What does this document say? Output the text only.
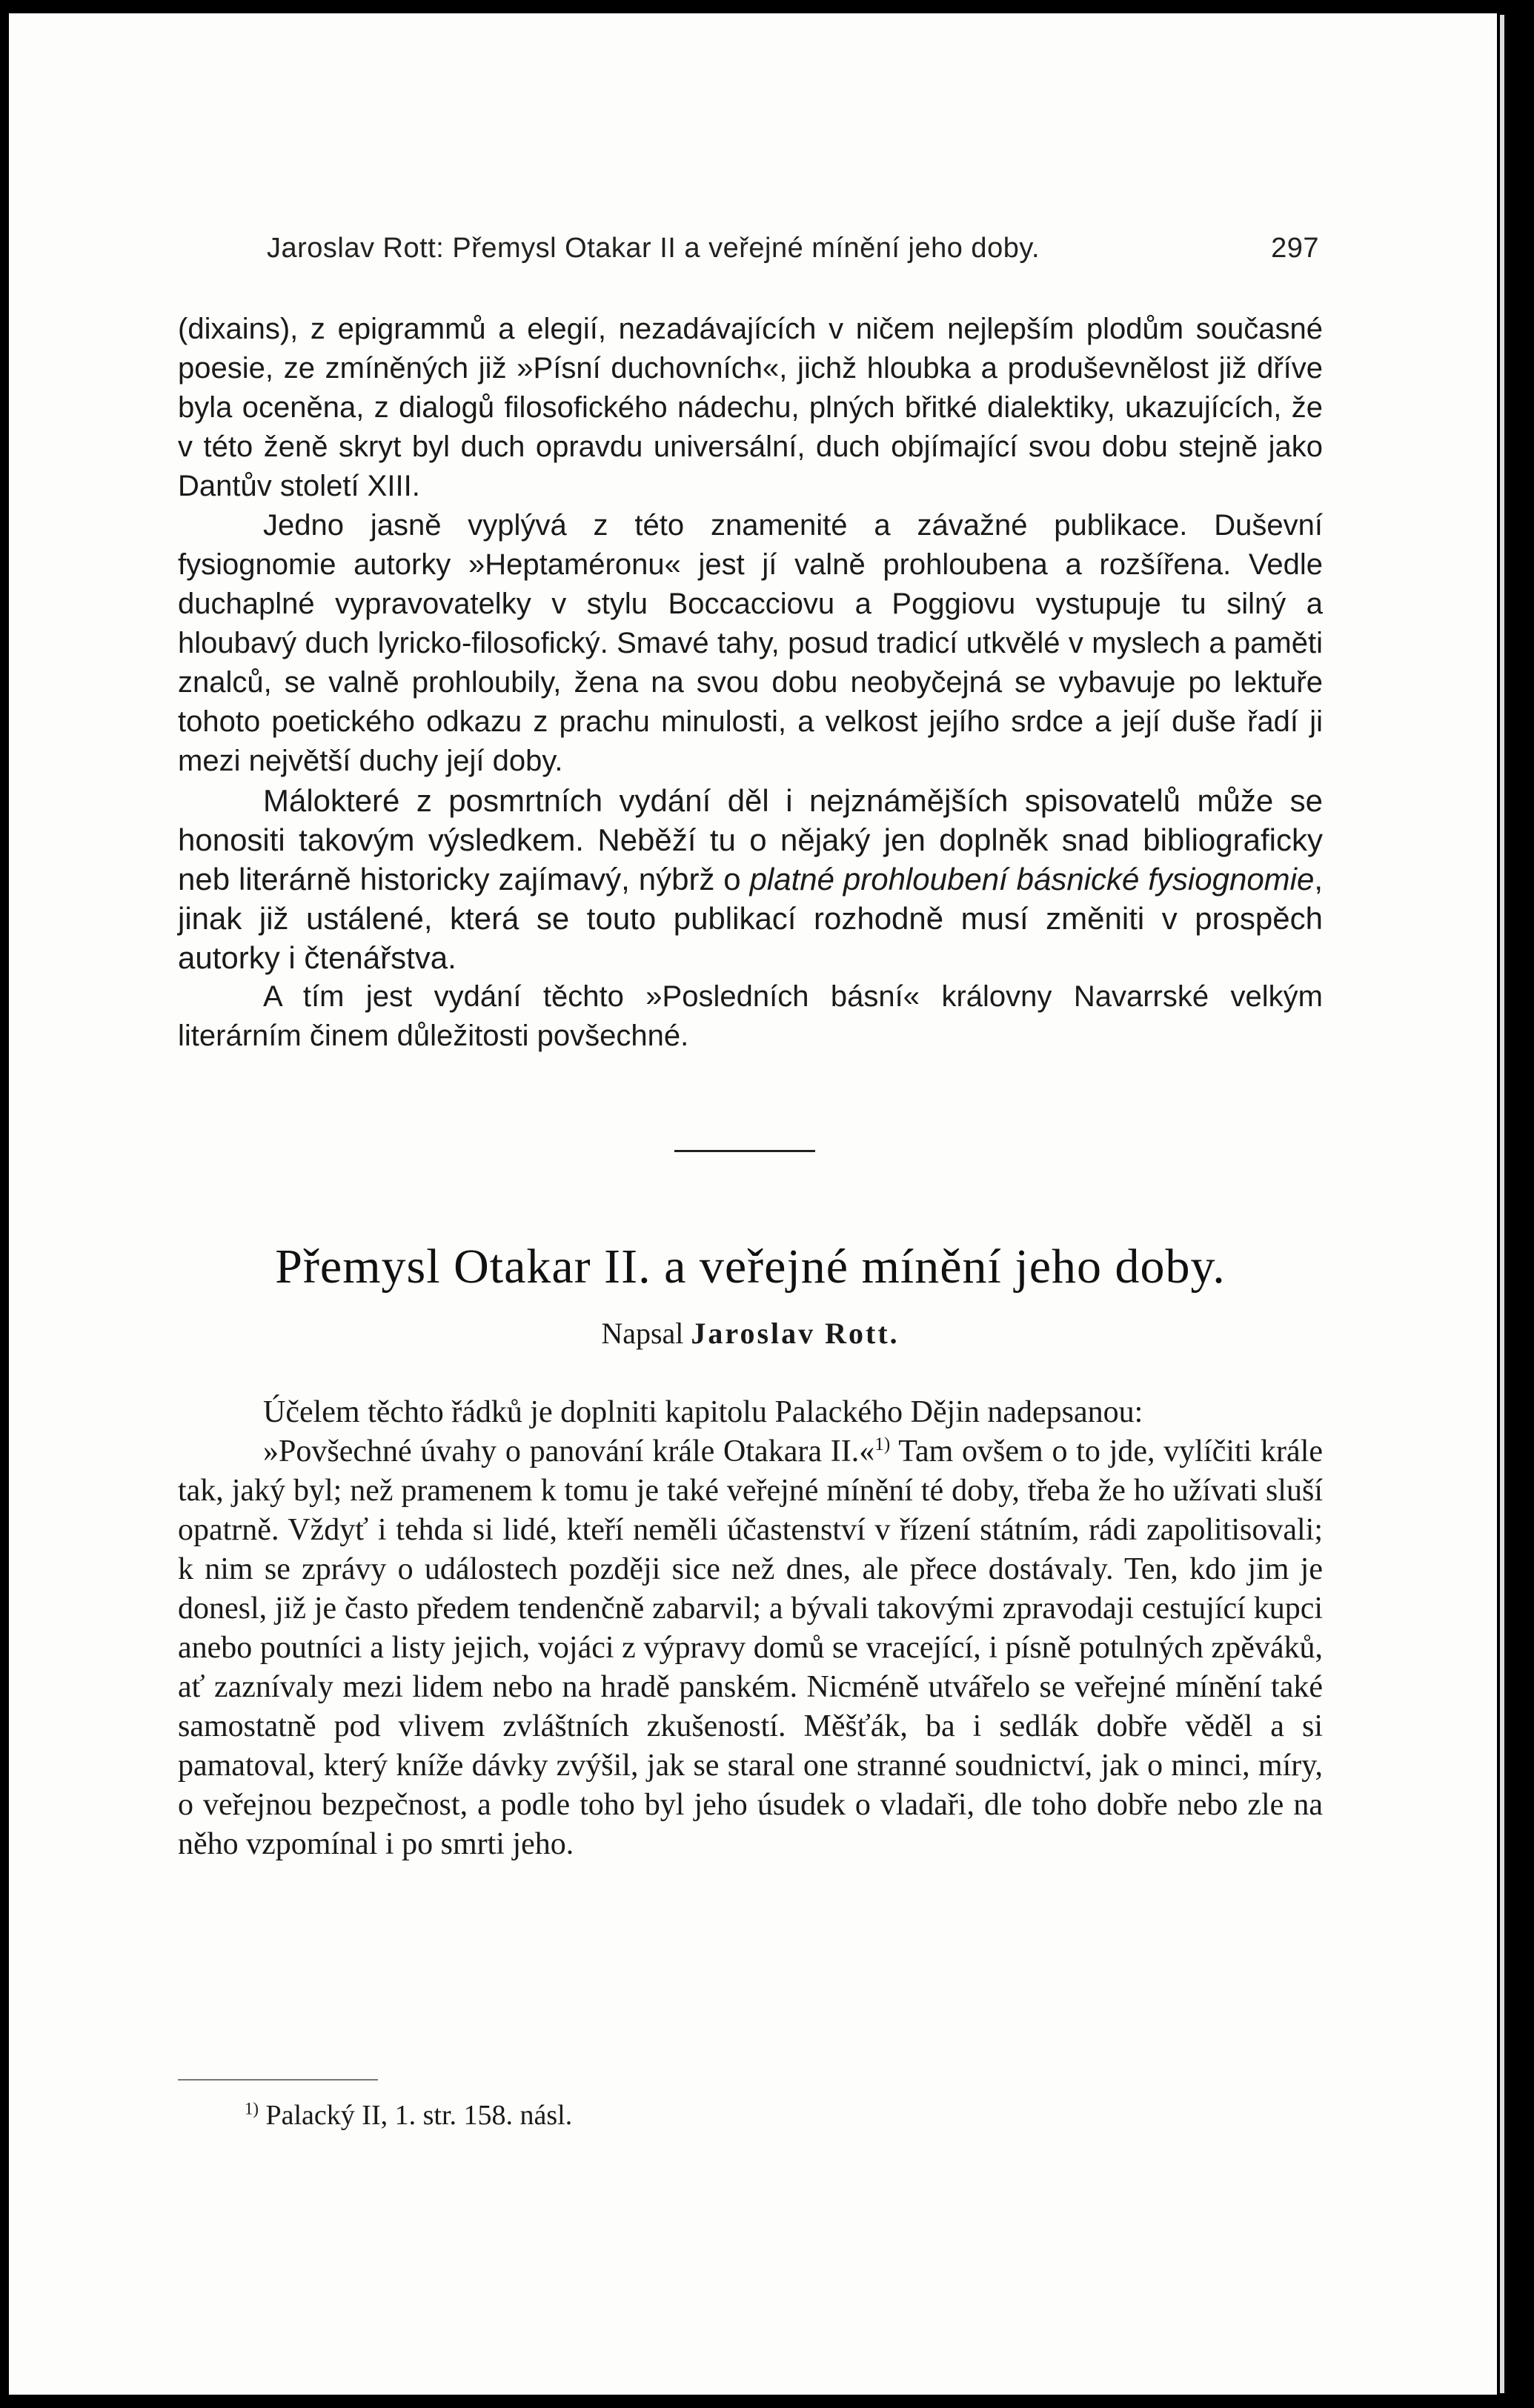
Jaroslav Rott: Přemysl Otakar II a veřejné mínění jeho doby.	297

(dixains), z epigrammů a elegií, nezadávajících v ničem nejlepším plodům současné poesie, ze zmíněných již »Písní duchovních«, jichž hloubka a produševnělost již dříve byla oceněna, z dialogů filosofického nádechu, plných břitké dialektiky, ukazujících, že v této ženě skryt byl duch opravdu universální, duch objímající svou dobu stejně jako Dantův století XIII.

Jedno jasně vyplývá z této znamenité a závažné publikace. Duševní fysiognomie autorky »Heptaméronu« jest jí valně prohloubena a rozšířena. Vedle duchaplné vypravovatelky v stylu Boccacciovu a Poggiovu vystupuje tu silný a hloubavý duch lyricko-filosofický. Smavé tahy, posud tradicí utkvělé v myslech a paměti znalců, se valně prohloubily, žena na svou dobu neobyčejná se vybavuje po lektuře tohoto poetického odkazu z prachu minulosti, a velkost jejího srdce a její duše řadí ji mezi největší duchy její doby.

Málokteré z posmrtních vydání děl i nejznámějších spisovatelů může se honositi takovým výsledkem. Neběží tu o nějaký jen doplněk snad bibliograficky neb literárně historicky zajímavý, nýbrž o platné prohloubení básnické fysiognomie, jinak již ustálené, která se touto publikací rozhodně musí změniti v prospěch autorky i čtenářstva.

A tím jest vydání těchto »Posledních básní« královny Navarrské velkým literárním činem důležitosti povšechné.

Přemysl Otakar II. a veřejné mínění jeho doby.
Napsal Jaroslav Rott.

Účelem těchto řádků je doplniti kapitolu Palackého Dějin nadepsanou:

»Povšechné úvahy o panování krále Otakara II.«$^{1)}$ Tam ovšem o to jde, vylíčiti krále tak, jaký byl; než pramenem k tomu je také veřejné mínění té doby, třeba že ho užívati sluší opatrně. Vždyť i tehda si lidé, kteří neměli účastenství v řízení státním, rádi zapolitisovali; k nim se zprávy o událostech později sice než dnes, ale přece dostávaly. Ten, kdo jim je donesl, již je často předem tendenčně zabarvil; a bývali takovými zpravodaji cestující kupci anebo poutníci a listy jejich, vojáci z výpravy domů se vracející, i písně potulných zpěváků, ať zaznívaly mezi lidem nebo na hradě panském. Nicméně utvářelo se veřejné mínění také samostatně pod vlivem zvláštních zkušeností. Měšťák, ba i sedlák dobře věděl a si pamatoval, který kníže dávky zvýšil, jak se staral one stranné soudnictví, jak o minci, míry, o veřejnou bezpečnost, a podle toho byl jeho úsudek o vladaři, dle toho dobře nebo zle na něho vzpomínal i po smrti jeho.

$^{1)}$ Palacký II, 1. str. 158. násl.
